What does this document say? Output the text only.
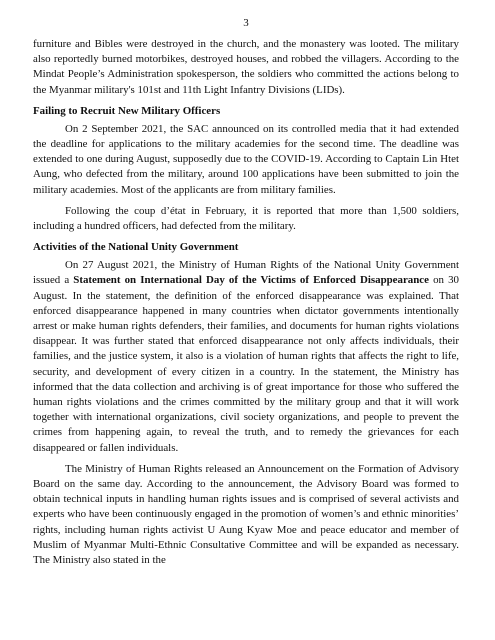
3

furniture and Bibles were destroyed in the church, and the monastery was looted. The military also reportedly burned motorbikes, destroyed houses, and robbed the villagers. According to the Mindat People’s Administration spokesperson, the soldiers who committed the actions belong to the Myanmar military's 101st and 11th Light Infantry Divisions (LIDs).

Failing to Recruit New Military Officers

On 2 September 2021, the SAC announced on its controlled media that it had extended the deadline for applications to the military academies for the second time. The deadline was extended to one during August, supposedly due to the COVID-19. According to Captain Lin Htet Aung, who defected from the military, around 100 applications have been submitted to join the military academies. Most of the applicants are from military families.

Following the coup d’état in February, it is reported that more than 1,500 soldiers, including a hundred officers, had defected from the military.

Activities of the National Unity Government

On 27 August 2021, the Ministry of Human Rights of the National Unity Government issued a Statement on International Day of the Victims of Enforced Disappearance on 30 August. In the statement, the definition of the enforced disappearance was explained. That enforced disappearance happened in many countries when dictator governments intentionally arrest or make human rights defenders, their families, and documents for human rights violations disappear. It was further stated that enforced disappearance not only affects individuals, their families, and the justice system, it also is a violation of human rights that affects the right to life, security, and development of every citizen in a country. In the statement, the Ministry has informed that the data collection and archiving is of great importance for those who suffered the human rights violations and the crimes committed by the military group and that it will work together with international organizations, civil society organizations, and people to prevent the crimes from happening again, to reveal the truth, and to remedy the grievances for each disappeared or fallen individuals.

The Ministry of Human Rights released an Announcement on the Formation of Advisory Board on the same day. According to the announcement, the Advisory Board was formed to obtain technical inputs in handling human rights issues and is comprised of several activists and experts who have been continuously engaged in the promotion of women’s and ethnic minorities’ rights, including human rights activist U Aung Kyaw Moe and peace educator and member of Muslim of Myanmar Multi-Ethnic Consultative Committee and will be expanded as necessary. The Ministry also stated in the
